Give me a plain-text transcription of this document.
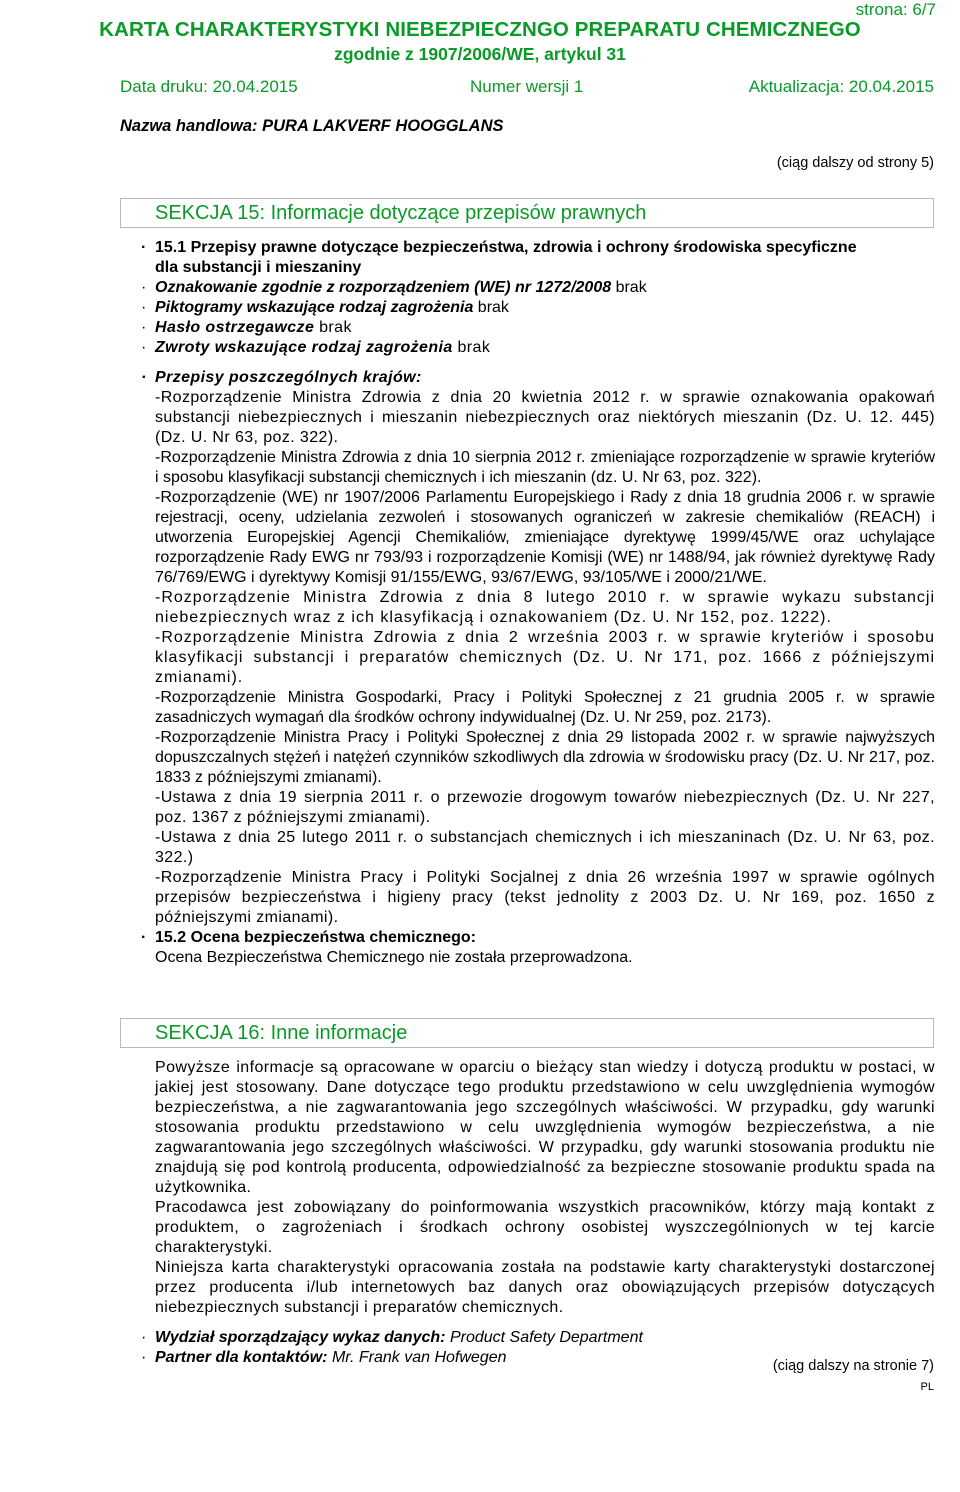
strona: 6/7
KARTA CHARAKTERYSTYKI NIEBEZPIECZNGO PREPARATU CHEMICZNEGO
zgodnie z 1907/2006/WE, artykul 31
Data druku: 20.04.2015	Numer wersji 1	Aktualizacja: 20.04.2015
Nazwa handlowa: PURA LAKVERF HOOGGLANS
(ciąg dalszy od strony 5)
SEKCJA 15: Informacje dotyczące przepisów prawnych
· 15.1 Przepisy prawne dotyczące bezpieczeństwa, zdrowia i ochrony środowiska specyficzne
dla substancji i mieszaniny
· Oznakowanie zgodnie z rozporządzeniem (WE) nr 1272/2008 brak
· Piktogramy wskazujące rodzaj zagrożenia brak
· Hasło ostrzegawcze brak
· Zwroty wskazujące rodzaj zagrożenia brak
· Przepisy poszczególnych krajów:

-Rozporządzenie Ministra Zdrowia z dnia 20 kwietnia 2012 r. w sprawie oznakowania opakowań substancji niebezpiecznych i mieszanin niebezpiecznych oraz niektórych mieszanin (Dz. U. 12. 445) (Dz. U. Nr 63, poz. 322).

-Rozporządzenie Ministra Zdrowia z dnia 10 sierpnia 2012 r. zmieniające rozporządzenie w sprawie kryteriów i sposobu klasyfikacji substancji chemicznych i ich mieszanin (dz. U. Nr 63, poz. 322).

-Rozporządzenie (WE) nr 1907/2006 Parlamentu Europejskiego i Rady z dnia 18 grudnia 2006 r. w sprawie rejestracji, oceny, udzielania zezwoleń i stosowanych ograniczeń w zakresie chemikaliów (REACH) i utworzenia Europejskiej Agencji Chemikaliów, zmieniające dyrektywę 1999/45/WE oraz uchylające rozporządzenie Rady EWG nr 793/93 i rozporządzenie Komisji (WE) nr 1488/94, jak również dyrektywę Rady 76/769/EWG i dyrektywy Komisji 91/155/EWG, 93/67/EWG, 93/105/WE i 2000/21/WE.

-Rozporządzenie Ministra Zdrowia z dnia 8 lutego 2010 r. w sprawie wykazu substancji niebezpiecznych wraz z ich klasyfikacją i oznakowaniem (Dz. U. Nr 152, poz. 1222).

-Rozporządzenie Ministra Zdrowia z dnia 2 września 2003 r. w sprawie kryteriów i sposobu klasyfikacji substancji i preparatów chemicznych (Dz. U. Nr 171, poz. 1666 z późniejszymi zmianami).

-Rozporządzenie Ministra Gospodarki, Pracy i Polityki Społecznej z 21 grudnia 2005 r. w sprawie zasadniczych wymagań dla środków ochrony indywidualnej (Dz. U. Nr 259, poz. 2173).

-Rozporządzenie Ministra Pracy i Polityki Społecznej z dnia 29 listopada 2002 r. w sprawie najwyższych dopuszczalnych stężeń i natężeń czynników szkodliwych dla zdrowia w środowisku pracy (Dz. U. Nr 217, poz. 1833 z późniejszymi zmianami).

-Ustawa z dnia 19 sierpnia 2011 r. o przewozie drogowym towarów niebezpiecznych (Dz. U. Nr 227, poz. 1367 z późniejszymi zmianami).

-Ustawa z dnia 25 lutego 2011 r. o substancjach chemicznych i ich mieszaninach (Dz. U. Nr 63, poz. 322.)

-Rozporządzenie Ministra Pracy i Polityki Socjalnej z dnia 26 września 1997 w sprawie ogólnych przepisów bezpieczeństwa i higieny pracy (tekst jednolity z 2003 Dz. U. Nr 169, poz. 1650 z późniejszymi zmianami).

· 15.2 Ocena bezpieczeństwa chemicznego:

Ocena Bezpieczeństwa Chemicznego nie została przeprowadzona.

SEKCJA 16: Inne informacje

Powyższe informacje są opracowane w oparciu o bieżący stan wiedzy i dotyczą produktu w postaci, w jakiej jest stosowany. Dane dotyczące tego produktu przedstawiono w celu uwzględnienia wymogów bezpieczeństwa, a nie zagwarantowania jego szczególnych właściwości. W przypadku, gdy warunki stosowania produktu przedstawiono w celu uwzględnienia wymogów bezpieczeństwa, a nie zagwarantowania jego szczególnych właściwości. W przypadku, gdy warunki stosowania produktu nie znajdują się pod kontrolą producenta, odpowiedzialność za bezpieczne stosowanie produktu spada na użytkownika.

Pracodawca jest zobowiązany do poinformowania wszystkich pracowników, którzy mają kontakt z produktem, o zagrożeniach i środkach ochrony osobistej wyszczególnionych w tej karcie charakterystyki.

Niniejsza karta charakterystyki opracowania została na podstawie karty charakterystyki dostarczonej przez producenta i/lub internetowych baz danych oraz obowiązujących przepisów dotyczących niebezpiecznych substancji i preparatów chemicznych.

· Wydział sporządzający wykaz danych: Product Safety Department
· Partner dla kontaktów: Mr. Frank van Hofwegen	(ciąg dalszy na stronie 7)
PL
